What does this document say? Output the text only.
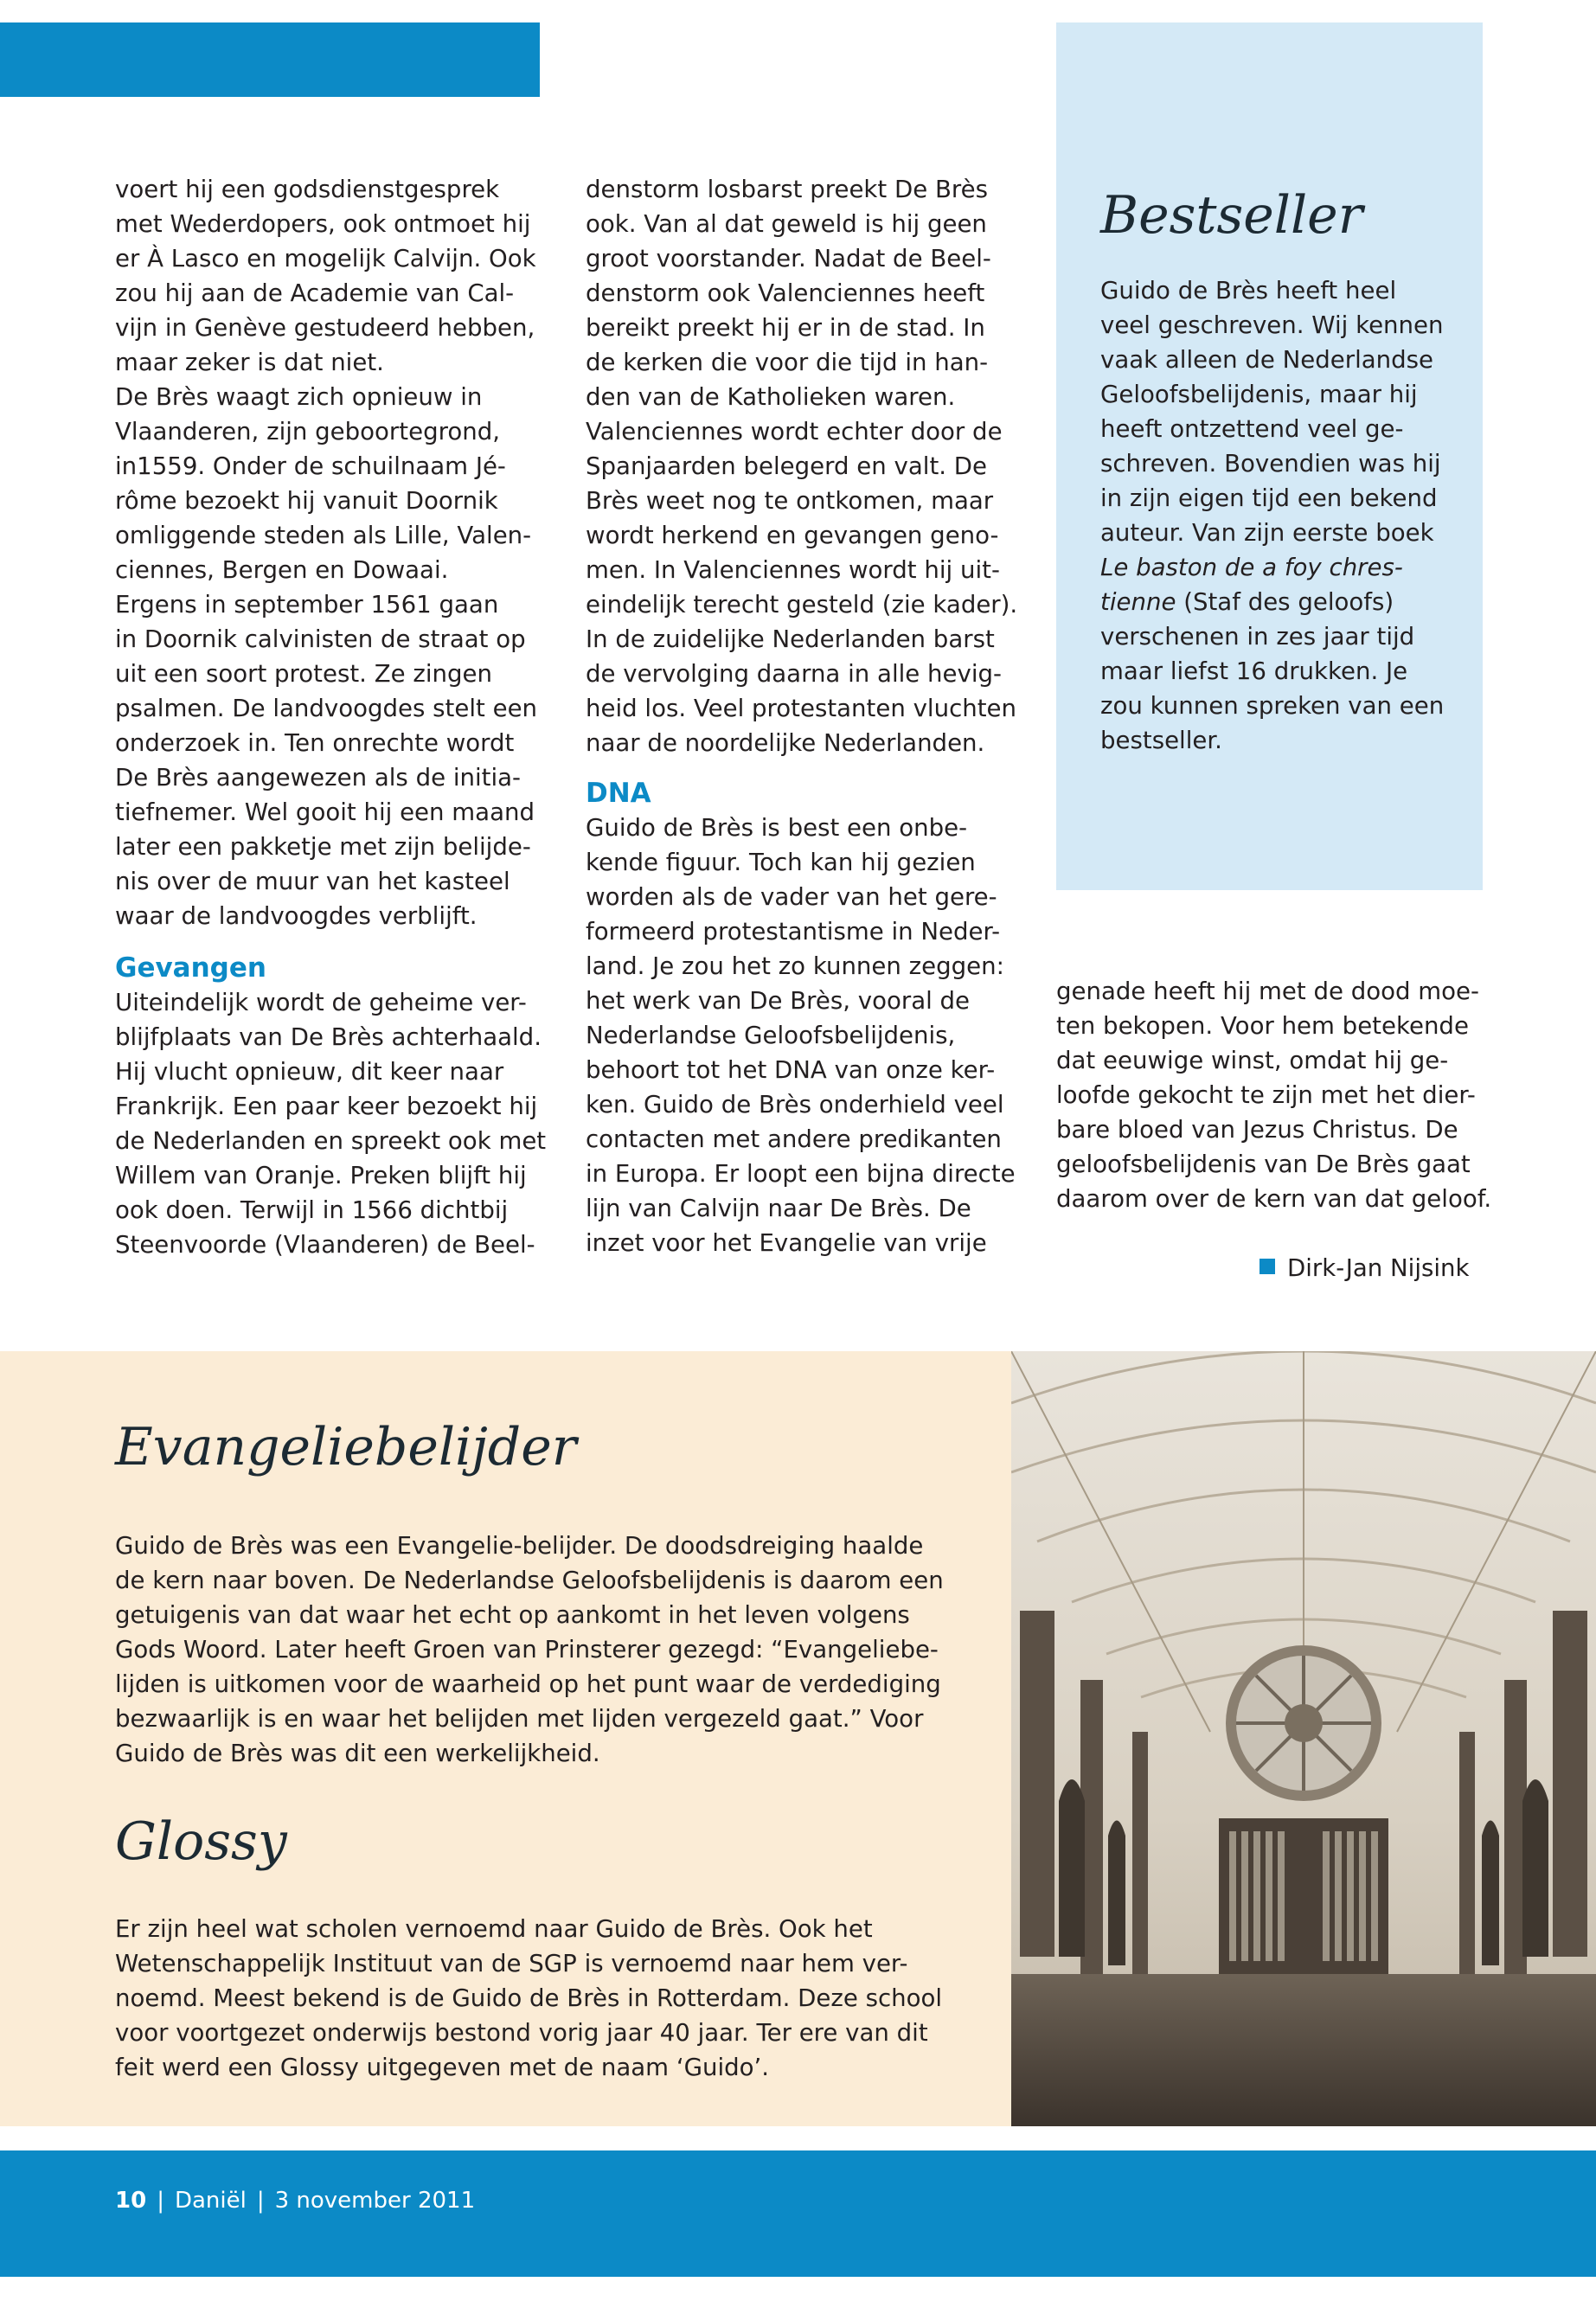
voert hij een godsdienstgesprek
met Wederdopers, ook ontmoet hij
er À Lasco en mogelijk Calvijn. Ook
zou hij aan de Academie van Cal-
vijn in Genève gestudeerd hebben,
maar zeker is dat niet.
De Brès waagt zich opnieuw in
Vlaanderen, zijn geboortegrond,
in1559. Onder de schuilnaam Jé-
rôme bezoekt hij vanuit Doornik
omliggende steden als Lille, Valen-
ciennes, Bergen en Dowaai.
Ergens in september 1561 gaan
in Doornik calvinisten de straat op
uit een soort protest. Ze zingen
psalmen. De landvoogdes stelt een
onderzoek in. Ten onrechte wordt
De Brès aangewezen als de initia-
tiefnemer. Wel gooit hij een maand
later een pakketje met zijn belijde-
nis over de muur van het kasteel
waar de landvoogdes verblijft.
Gevangen
Uiteindelijk wordt de geheime ver-
blijfplaats van De Brès achterhaald.
Hij vlucht opnieuw, dit keer naar
Frankrijk. Een paar keer bezoekt hij
de Nederlanden en spreekt ook met
Willem van Oranje. Preken blijft hij
ook doen. Terwijl in 1566 dichtbij
Steenvoorde (Vlaanderen) de Beel-
denstorm losbarst preekt De Brès
ook. Van al dat geweld is hij geen
groot voorstander. Nadat de Beel-
denstorm ook Valenciennes heeft
bereikt preekt hij er in de stad. In
de kerken die voor die tijd in han-
den van de Katholieken waren.
Valenciennes wordt echter door de
Spanjaarden belegerd en valt. De
Brès weet nog te ontkomen, maar
wordt herkend en gevangen geno-
men. In Valenciennes wordt hij uit-
eindelijk terecht gesteld (zie kader).
In de zuidelijke Nederlanden barst
de vervolging daarna in alle hevig-
heid los. Veel protestanten vluchten
naar de noordelijke Nederlanden.
DNA
Guido de Brès is best een onbe-
kende figuur. Toch kan hij gezien
worden als de vader van het gere-
formeerd protestantisme in Neder-
land. Je zou het zo kunnen zeggen:
het werk van De Brès, vooral de
Nederlandse Geloofsbelijdenis,
behoort tot het DNA van onze ker-
ken. Guido de Brès onderhield veel
contacten met andere predikanten
in Europa. Er loopt een bijna directe
lijn van Calvijn naar De Brès. De
inzet voor het Evangelie van vrije
Bestseller
Guido de Brès heeft heel
veel geschreven. Wij kennen
vaak alleen de Nederlandse
Geloofsbelijdenis, maar hij
heeft ontzettend veel ge-
schreven. Bovendien was hij
in zijn eigen tijd een bekend
auteur. Van zijn eerste boek
Le baston de a foy chres-
tienne (Staf des geloofs)
verschenen in zes jaar tijd
maar liefst 16 drukken. Je
zou kunnen spreken van een
bestseller.
genade heeft hij met de dood moe-
ten bekopen. Voor hem betekende
dat eeuwige winst, omdat hij ge-
loofde gekocht te zijn met het dier-
bare bloed van Jezus Christus. De
geloofsbelijdenis van De Brès gaat
daarom over de kern van dat geloof.
Dirk-Jan Nijsink
Evangeliebelijder
Guido de Brès was een Evangelie-belijder. De doodsdreiging haalde
de kern naar boven. De Nederlandse Geloofsbelijdenis is daarom een
getuigenis van dat waar het echt op aankomt in het leven volgens
Gods Woord. Later heeft Groen van Prinsterer gezegd: “Evangeliebe-
lijden is uitkomen voor de waarheid op het punt waar de verdediging
bezwaarlijk is en waar het belijden met lijden vergezeld gaat.” Voor
Guido de Brès was dit een werkelijkheid.
Glossy
Er zijn heel wat scholen vernoemd naar Guido de Brès. Ook het
Wetenschappelijk Instituut van de SGP is vernoemd naar hem ver-
noemd. Meest bekend is de Guido de Brès in Rotterdam. Deze school
voor voortgezet onderwijs bestond vorig jaar 40 jaar. Ter ere van dit
feit werd een Glossy uitgegeven met de naam ‘Guido’.
10 | Daniël | 3 november 2011
